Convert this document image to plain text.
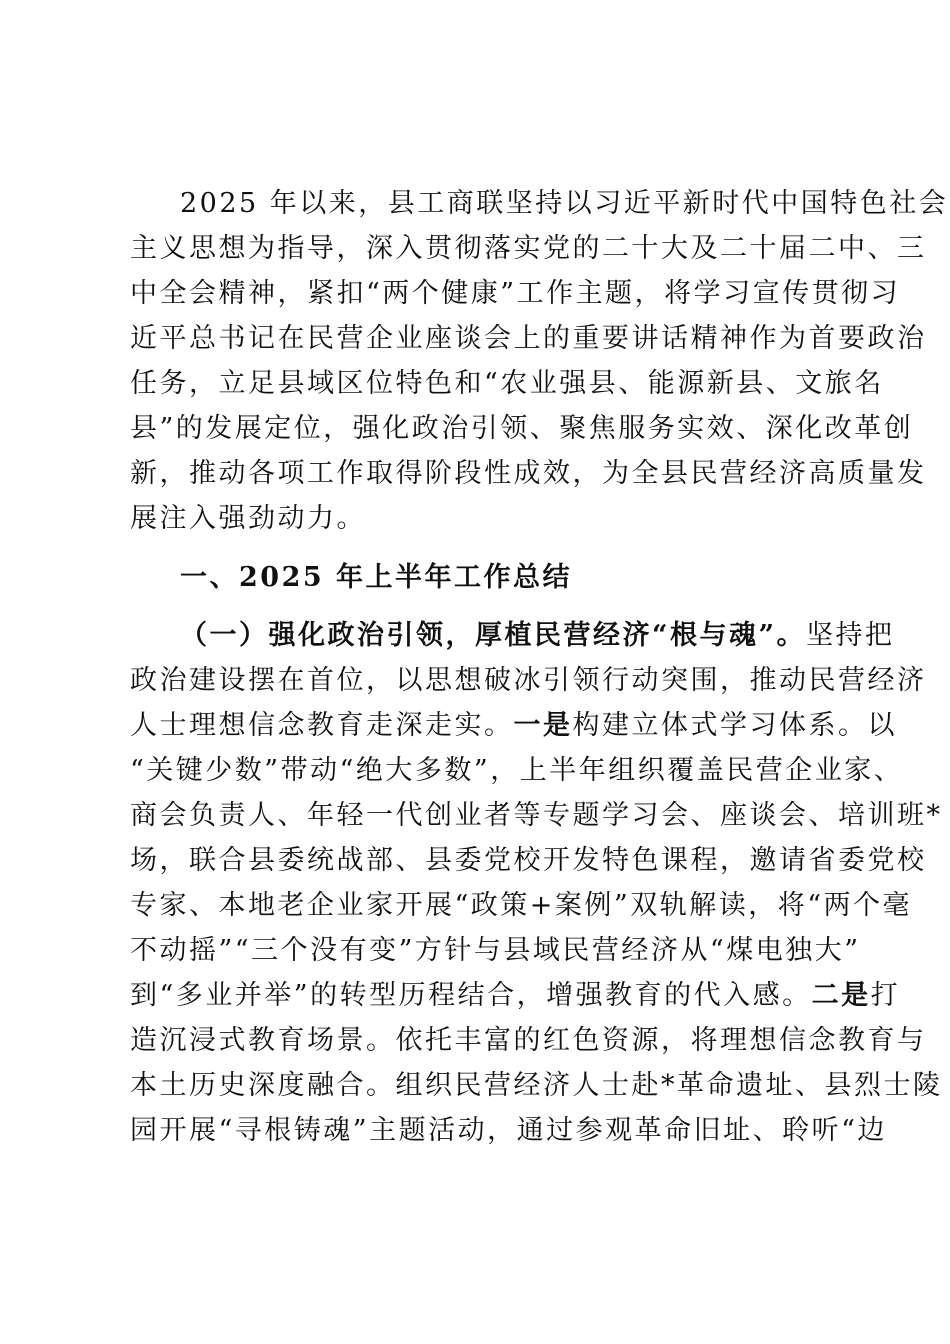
2025 年以来，县工商联坚持以习近平新时代中国特色社会
主义思想为指导，深入贯彻落实党的二十大及二十届二中、三
中全会精神，紧扣“两个健康”工作主题，将学习宣传贯彻习
近平总书记在民营企业座谈会上的重要讲话精神作为首要政治
任务，立足县域区位特色和“农业强县、能源新县、文旅名
县”的发展定位，强化政治引领、聚焦服务实效、深化改革创
新，推动各项工作取得阶段性成效，为全县民营经济高质量发
展注入强劲动力。
一、2025 年上半年工作总结
（一）强化政治引领，厚植民营经济“根与魂”。坚持把
政治建设摆在首位，以思想破冰引领行动突围，推动民营经济
人士理想信念教育走深走实。一是构建立体式学习体系。以
“关键少数”带动“绝大多数”，上半年组织覆盖民营企业家、
商会负责人、年轻一代创业者等专题学习会、座谈会、培训班*
场，联合县委统战部、县委党校开发特色课程，邀请省委党校
专家、本地老企业家开展“政策+案例”双轨解读，将“两个毫
不动摇”“三个没有变”方针与县域民营经济从“煤电独大”
到“多业并举”的转型历程结合，增强教育的代入感。二是打
造沉浸式教育场景。依托丰富的红色资源，将理想信念教育与
本土历史深度融合。组织民营经济人士赴*革命遗址、县烈士陵
园开展“寻根铸魂”主题活动，通过参观革命旧址、聆听“边
